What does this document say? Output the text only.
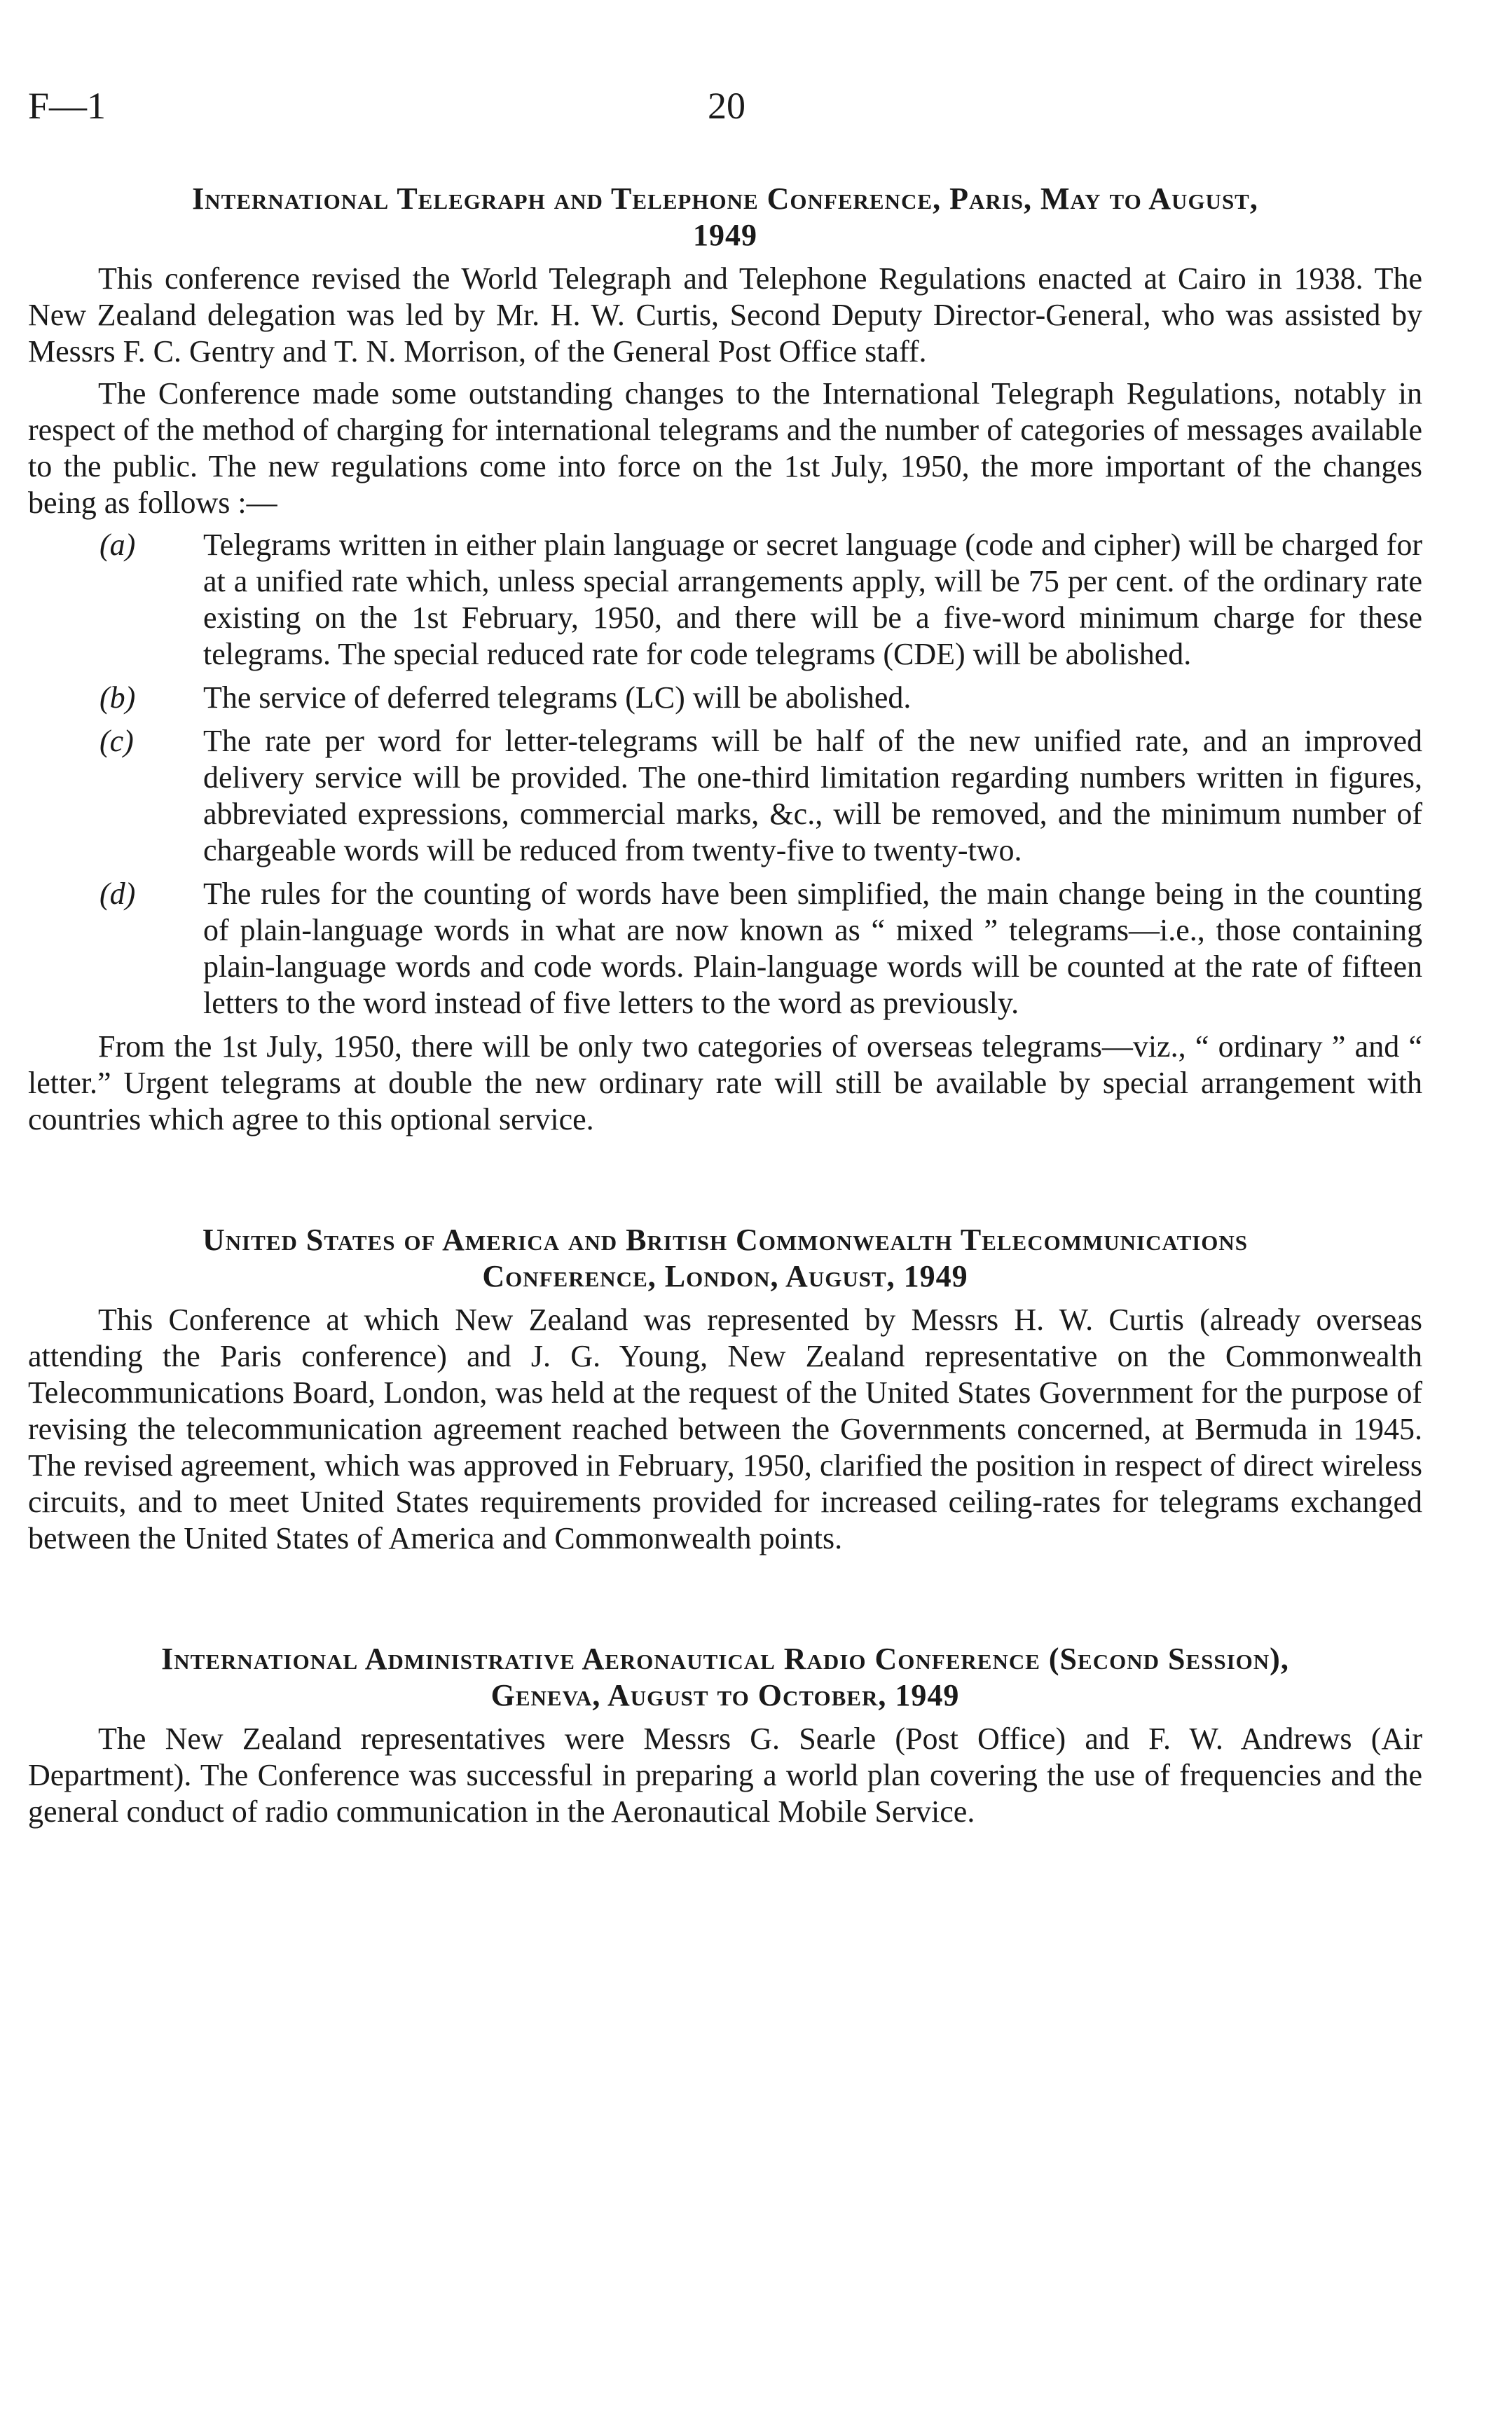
F—1	20
International Telegraph and Telephone Conference, Paris, May to August,
1949

This conference revised the World Telegraph and Telephone Regulations enacted at Cairo in 1938. The New Zealand delegation was led by Mr. H. W. Curtis, Second Deputy Director-General, who was assisted by Messrs F. C. Gentry and T. N. Morrison, of the General Post Office staff.

The Conference made some outstanding changes to the International Telegraph Regulations, notably in respect of the method of charging for international telegrams and the number of categories of messages available to the public. The new regulations come into force on the 1st July, 1950, the more important of the changes being as follows :—

(a) Telegrams written in either plain language or secret language (code and cipher) will be charged for at a unified rate which, unless special arrangements apply, will be 75 per cent. of the ordinary rate existing on the 1st February, 1950, and there will be a five-word minimum charge for these telegrams. The special reduced rate for code telegrams (CDE) will be abolished.
(b) The service of deferred telegrams (LC) will be abolished.
(c) The rate per word for letter-telegrams will be half of the new unified rate, and an improved delivery service will be provided. The one-third limitation regarding numbers written in figures, abbreviated expressions, commercial marks, &c., will be removed, and the minimum number of chargeable words will be reduced from twenty-five to twenty-two.
(d) The rules for the counting of words have been simplified, the main change being in the counting of plain-language words in what are now known as “ mixed ” telegrams—i.e., those containing plain-language words and code words. Plain-language words will be counted at the rate of fifteen letters to the word instead of five letters to the word as previously.

From the 1st July, 1950, there will be only two categories of overseas telegrams—viz., “ ordinary ” and “ letter.” Urgent telegrams at double the new ordinary rate will still be available by special arrangement with countries which agree to this optional service.

United States of America and British Commonwealth Telecommunications
Conference, London, August, 1949

This Conference at which New Zealand was represented by Messrs H. W. Curtis (already overseas attending the Paris conference) and J. G. Young, New Zealand representative on the Commonwealth Telecommunications Board, London, was held at the request of the United States Government for the purpose of revising the telecommunication agreement reached between the Governments concerned, at Bermuda in 1945. The revised agreement, which was approved in February, 1950, clarified the position in respect of direct wireless circuits, and to meet United States requirements provided for increased ceiling-rates for telegrams exchanged between the United States of America and Commonwealth points.

International Administrative Aeronautical Radio Conference (Second Session),
Geneva, August to October, 1949

The New Zealand representatives were Messrs G. Searle (Post Office) and F. W. Andrews (Air Department). The Conference was successful in preparing a world plan covering the use of frequencies and the general conduct of radio communication in the Aeronautical Mobile Service.
